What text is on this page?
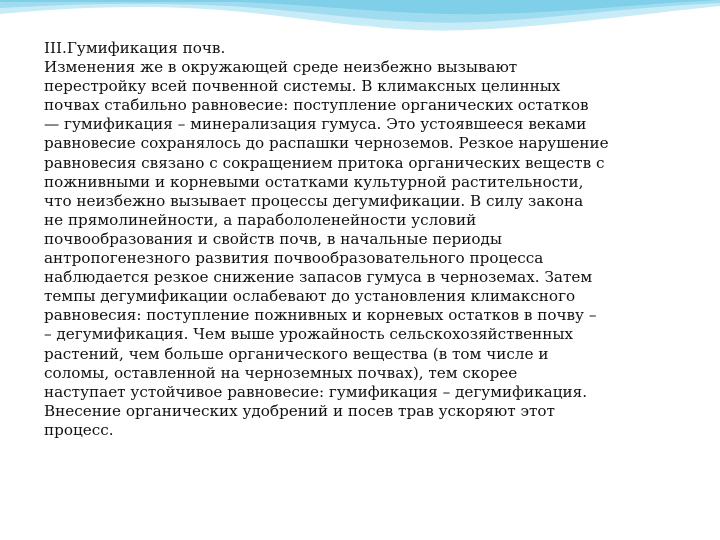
III.Гумификация почв.

Изменения же в окружающей среде неизбежно вызывают
перестройку всей почвенной системы. В климаксных целинных
почвах стабильно равновесие: поступление органических остатков
— гумификация – минерализация гумуса. Это устоявшееся веками
равновесие сохранялось до распашки черноземов. Резкое нарушение
равновесия связано с сокращением притока органических веществ с
пожнивными и корневыми остатками культурной растительности,
что неизбежно вызывает процессы дегумификации. В силу закона
не прямолинейности, а парабололенейности условий
почвообразования и свойств почв, в начальные периоды
антропогенезного развития почвообразовательного процесса
наблюдается резкое снижение запасов гумуса в черноземах. Затем
темпы дегумификации ослабевают до установления климаксного
равновесия: поступление пожнивных и корневых остатков в почву –
– дегумификация. Чем выше урожайность сельскохозяйственных
растений, чем больше органического вещества (в том числе и
соломы, оставленной на черноземных почвах), тем скорее
наступает устойчивое равновесие: гумификация – дегумификация.
Внесение органических удобрений и посев трав ускоряют этот
процесс.
